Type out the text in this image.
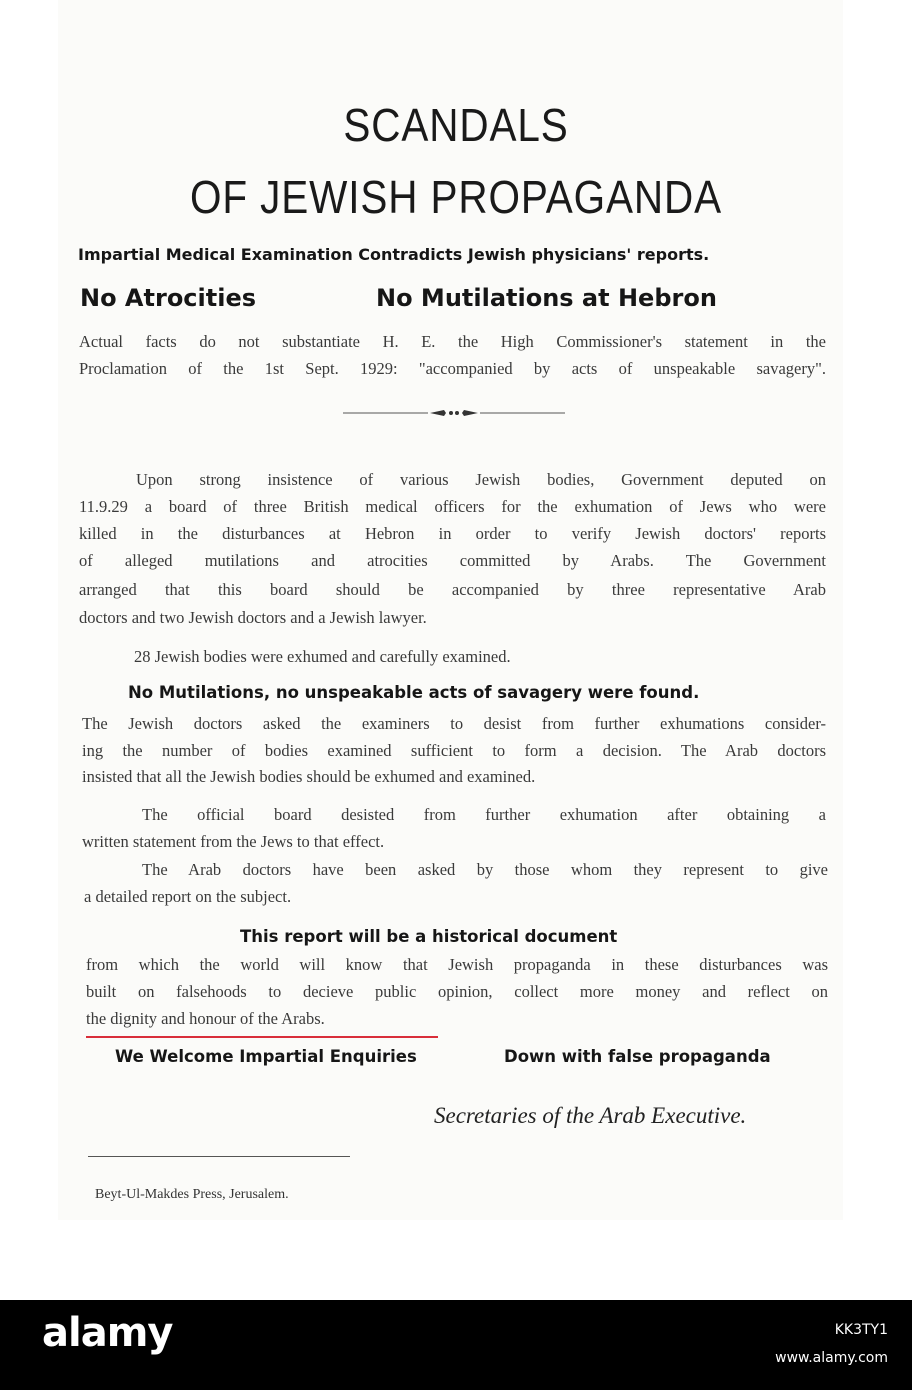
SCANDALS
OF JEWISH PROPAGANDA
Impartial Medical Examination Contradicts Jewish physicians' reports.
No Atrocities	No Mutilations at Hebron
Actual facts do not substantiate H. E. the High Commissioner's statement in the
Proclamation of the 1st Sept. 1929: "accompanied by acts of unspeakable savagery".
Upon strong insistence of various Jewish bodies, Government deputed on
11.9.29 a board of three British medical officers for the exhumation of Jews who were
killed in the disturbances at Hebron in order to verify Jewish doctors' reports
of alleged mutilations and atrocities committed by Arabs. The Government
arranged that this board should be accompanied by three representative Arab
doctors and two Jewish doctors and a Jewish lawyer.
28 Jewish bodies were exhumed and carefully examined.
No Mutilations, no unspeakable acts of savagery were found.
The Jewish doctors asked the examiners to desist from further exhumations consider-
ing the number of bodies examined sufficient to form a decision. The Arab doctors
insisted that all the Jewish bodies should be exhumed and examined.
The official board desisted from further exhumation after obtaining a
written statement from the Jews to that effect.
The Arab doctors have been asked by those whom they represent to give
a detailed report on the subject.
This report will be a historical document
from which the world will know that Jewish propaganda in these disturbances was
built on falsehoods to decieve public opinion, collect more money and reflect on
the dignity and honour of the Arabs.
We Welcome Impartial Enquiries	Down with false propaganda
Secretaries of the Arab Executive.
Beyt-Ul-Makdes Press, Jerusalem.
alamy	KK3TY1
www.alamy.com
